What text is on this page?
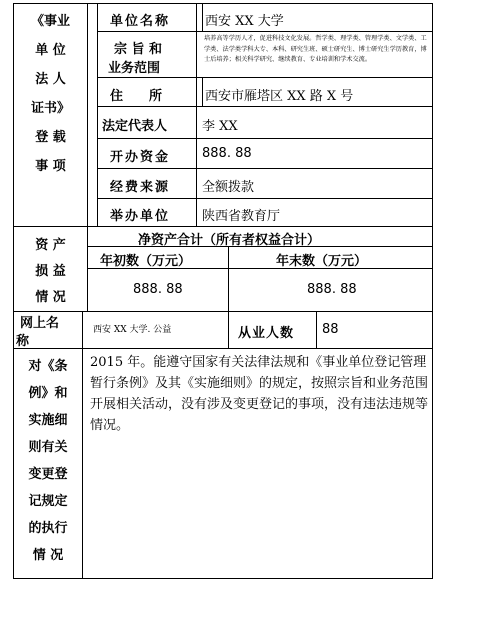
《事业
单 位
法 人
证书》
登 载
事 项
单位名称	西安 XX 大学
宗 旨 和
业务范围
培养高等学历人才，促进科技文化发展。哲学类、理学类、管理学类、文学类、工学类、法学类学科大专、本科、研究生班、硕士研究生、博士研究生学历教育，博士后培养；相关科学研究、继续教育、专业培训和学术交流。
住　　所	西安市雁塔区 XX 路 X 号
法定代表人	李 XX
开办资金 888. 88
经费来源 全额拨款
举办单位 陕西省教育厅
资 产
损 益
情 况
净资产合计（所有者权益合计）
年初数（万元）	年末数（万元）
888. 88	888. 88
网上名
称
西安 XX 大学. 公益	从业人数 88
对《条
例》和
实施细
则有关
变更登
记规定
的执行
情 况
2015 年。能遵守国家有关法律法规和《事业单位登记管理暂行条例》及其《实施细则》的规定，按照宗旨和业务范围开展相关活动，没有涉及变更登记的事项，没有违法违规等情况。
